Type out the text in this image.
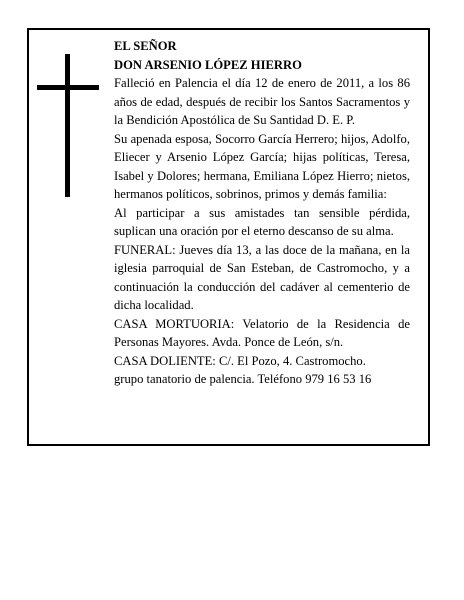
EL SEÑOR

DON ARSENIO LÓPEZ HIERRO

Falleció en Palencia el día 12 de enero de 2011, a los 86 años de edad, después de recibir los Santos Sacramentos y la Bendición Apostólica de Su Santidad D. E. P.

Su apenada esposa, Socorro García Herrero; hijos, Adolfo, Eliecer y Arsenio López García; hijas políticas, Teresa, Isabel y Dolores; hermana, Emiliana López Hierro; nietos, hermanos políticos, sobrinos, primos y demás familia:

Al participar a sus amistades tan sensible pérdida, suplican una oración por el eterno descanso de su alma.

FUNERAL: Jueves día 13, a las doce de la mañana, en la iglesia parroquial de San Esteban, de Castromocho, y a continuación la conducción del cadáver al cementerio de dicha localidad.

CASA MORTUORIA: Velatorio de la Residencia de Personas Mayores. Avda. Ponce de León, s/n.

CASA DOLIENTE: C/. El Pozo, 4. Castromocho.

grupo tanatorio de palencia. Teléfono 979 16 53 16
